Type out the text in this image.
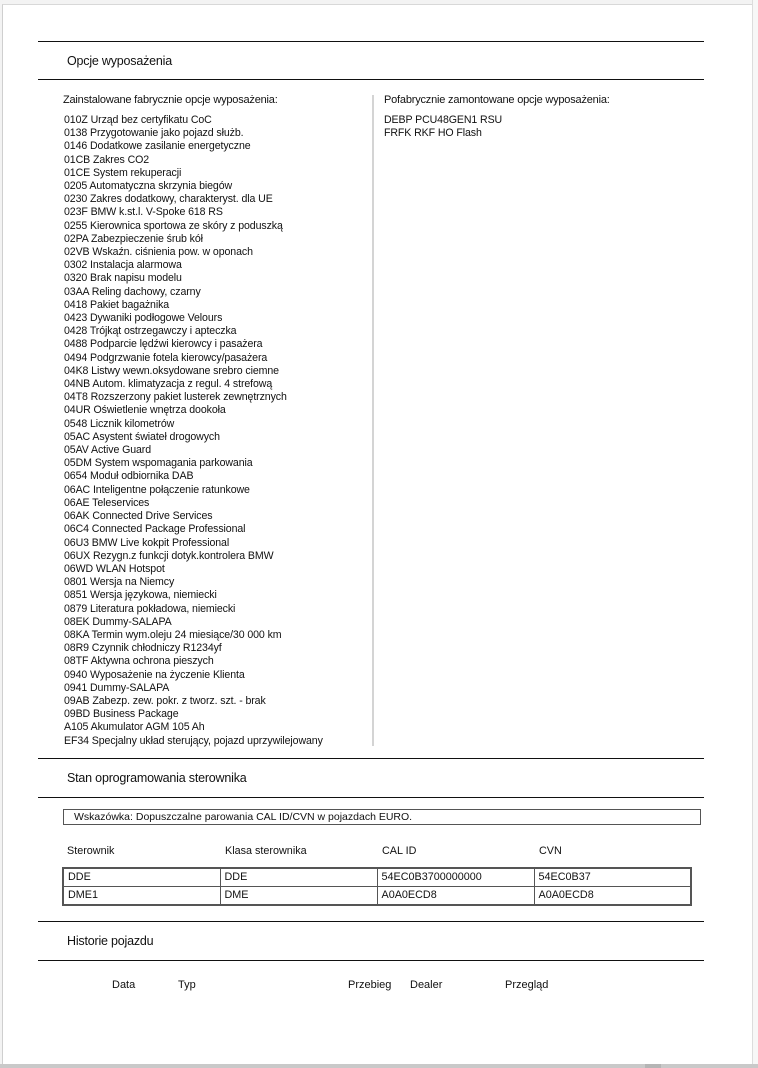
Opcje wyposażenia
Zainstalowane fabrycznie opcje wyposażenia:
010Z Urząd bez certyfikatu CoC
0138 Przygotowanie jako pojazd służb.
0146 Dodatkowe zasilanie energetyczne
01CB Zakres CO2
01CE System rekuperacji
0205 Automatyczna skrzynia biegów
0230 Zakres dodatkowy, charakteryst. dla UE
023F BMW k.st.l. V-Spoke 618 RS
0255 Kierownica sportowa ze skóry z poduszką
02PA Zabezpieczenie śrub kół
02VB Wskaźn. ciśnienia pow. w oponach
0302 Instalacja alarmowa
0320 Brak napisu modelu
03AA Reling dachowy, czarny
0418 Pakiet bagażnika
0423 Dywaniki podłogowe Velours
0428 Trójkąt ostrzegawczy i apteczka
0488 Podparcie lędźwi kierowcy i pasażera
0494 Podgrzwanie fotela kierowcy/pasażera
04K8 Listwy wewn.oksydowane srebro ciemne
04NB Autom. klimatyzacja z regul. 4 strefową
04T8 Rozszerzony pakiet lusterek zewnętrznych
04UR Oświetlenie wnętrza dookoła
0548 Licznik kilometrów
05AC Asystent świateł drogowych
05AV Active Guard
05DM System wspomagania parkowania
0654 Moduł odbiornika DAB
06AC Inteligentne połączenie ratunkowe
06AE Teleservices
06AK Connected Drive Services
06C4 Connected Package Professional
06U3 BMW Live kokpit Professional
06UX Rezygn.z funkcji dotyk.kontrolera BMW
06WD WLAN Hotspot
0801 Wersja na Niemcy
0851 Wersja językowa, niemiecki
0879 Literatura pokładowa, niemiecki
08EK Dummy-SALAPA
08KA Termin wym.oleju 24 miesiące/30 000 km
08R9 Czynnik chłodniczy R1234yf
08TF Aktywna ochrona pieszych
0940 Wyposażenie na życzenie Klienta
0941 Dummy-SALAPA
09AB Zabezp. zew. pokr. z tworz. szt. - brak
09BD Business Package
A105 Akumulator AGM 105 Ah
EF34 Specjalny układ sterujący, pojazd uprzywilejowany
Pofabrycznie zamontowane opcje wyposażenia:
DEBP PCU48GEN1 RSU
FRFK RKF HO Flash
Stan oprogramowania sterownika
Wskazówka: Dopuszczalne parowania CAL ID/CVN w pojazdach EURO.
Sterownik	Klasa sterownika	CAL ID	CVN
DDE	DDE	54EC0B3700000000	54EC0B37
DME1	DME	A0A0ECD8	A0A0ECD8
Historie pojazdu
Data	Typ	Przebieg Dealer	Przegląd
